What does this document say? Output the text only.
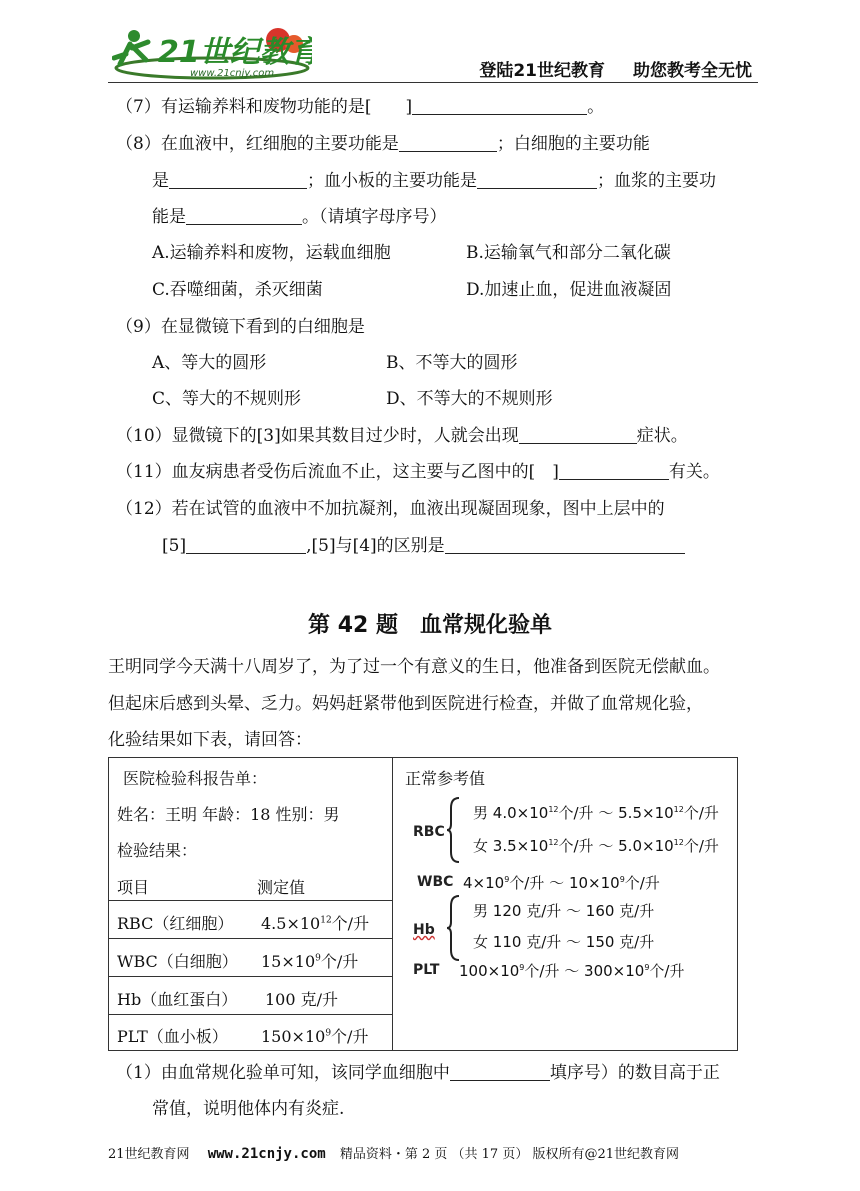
21世纪教育
www.21cnjy.com	登陆21世纪教育 助您教考全无忧
（7）有运输养料和废物功能的是[　　]	。
（8）在血液中，红细胞的主要功能是	；白细胞的主要功能
是	；血小板的主要功能是	；血浆的主要功
能是	。（请填字母序号）
A.运输养料和废物，运载血细胞	B.运输氧气和部分二氧化碳
C.吞噬细菌，杀灭细菌	D.加速止血，促进血液凝固
（9）在显微镜下看到的白细胞是
A、等大的圆形	B、不等大的圆形
C、等大的不规则形	D、不等大的不规则形
（10）显微镜下的[3]如果其数目过少时，人就会出现	症状。
（11）血友病患者受伤后流血不止，这主要与乙图中的[　]	有关。
（12）若在试管的血液中不加抗凝剂，血液出现凝固现象，图中上层中的
[5]	,[5]与[4]的区别是
第 42 题　血常规化验单
王明同学今天满十八周岁了，为了过一个有意义的生日，他准备到医院无偿献血。
但起床后感到头晕、乏力。妈妈赶紧带他到医院进行检查，并做了血常规化验，
化验结果如下表，请回答：
医院检验科报告单：
姓名：王明 年龄：18 性别：男
检验结果：
项目	测定值
RBC（红细胞） $4.5\times 10^{12}$个/升
WBC（白细胞） $15\times 10^9$个/升
Hb（血红蛋白） 100 克/升
PLT（血小板） $150\times 10^9$个/升
正常参考值
RBC
男 $4.0\times 10^{12}$个/升 ～ $5.5\times 10^{12}$个/升
女 $3.5\times 10^{12}$个/升 ～ $5.0\times 10^{12}$个/升
WBC $4\times 10^9$个/升 ～ $10\times 10^9$个/升
Hb
男 120 克/升 ～ 160 克/升
女 110 克/升 ～ 150 克/升
PLT $100\times 10^9$个/升 ～ $300\times 10^9$个/升
（1）由血常规化验单可知，该同学血细胞中	填序号）的数目高于正
常值，说明他体内有炎症.
21世纪教育网 www.21cnjy.com 精品资料・第 2 页 （共 17 页） 版权所有@21世纪教育网
